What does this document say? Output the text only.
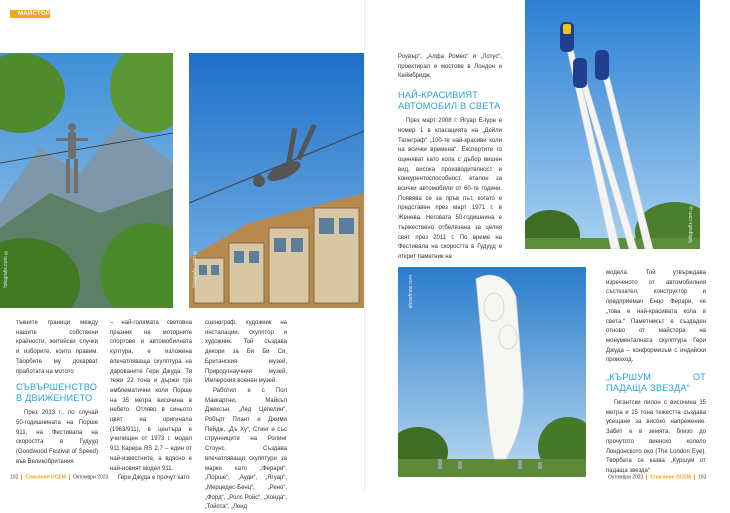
МАЙСТОРИ
fotografix.com ©	fotografix.com ©
fotografix.com ©
alexefinns.com

тъкните граници между нашите собствени крайности, житейски случки и изборите, които правим. Творбите му докарват прaботата на мотото

СЪВЪРШЕНСТВО В ДВИЖЕНИЕТО

През 2013 г., по случай 50-годишнината на Порше 911, на Фестивала на скоростта в Гудууд (Goodwood Festival of Speed) във Великобритания

– най-голямата световна празник на моторните спортове и автомобилната култура, е изложена впечатляваща скулптура на дарованите Гери Джуда. Тя тежи 22 тона и държи три емблематични коли Порше на 35 метра височина в небето. Отляво в синьото цвят на оригинала (1963/911), в центъра е училищен от 1973 г. модел 911 Карера RS 2.7 – един от най-известните, а вдясно е най-новият модел 911.

Гери Джуда е прочут като

сценограф, художник на инсталации, скулптор и художник. Той създава декори за Би Би Си, Британския музей, Природонаучния музей, Имперския военен музей.

Работил е с Пол Маккартни, Майкъл Джексън, „Лед Цепелин“, Робърт Плант и Джими Пейдж, „Дъ Ху“, Стинг и със струнниците на Ролинг Стоунс. Създава впечатляващи скулптури за марки като „Ферари“, „Порше“, „Ауди“, „Ягуар“, „Мерцедес-Бенц“, „Рено“, „Форд“, „Ролс Ройс“, „Хонда“, „Тойота“, „Ленд

Роувър“, „Алфа Ромео“ и „Лотус“, проектирал е мостове в Лондон и Кеймбридж.

НАЙ-КРАСИВИЯТ АВТОМОБИЛ В СВЕТА

През март 2008 г. Ягуар Е-type е номер 1 в класацията на „Дейли Телеграф“ „100-те най-красиви коли на всички времена“. Експертите го оценяват като кола с дъбор вишен вид, висока производителност и конкурентоспособност, еталон за всички автомобили от 60-те години. Появява се за пръв път, когато е представен през март 1971 г. в Женева. Неговата 50-годишнина е тържествено отбелязана за целия свят през 2011 г. По време на Фестивала на скоростта в Гудууд е открит паметник на

модела. Той утвърждава изреченото от автомобилния състезател, конструктор и предприемач Енцо Ферари, че „това е най-красивата кола в света.“ Паметникът е създаден отново от майстора на монументалната скулптура Гери Джуда – конформизъм с индийски произход.

„КЪРШУМ ОТ ПАДАЩА ЗВЕЗДА“

Гигантски пилон с височина 35 метра и 15 тона тежестта създава усещане за високо напрежение. Забит е в земята, близо до прочутото виенско колело Лондонското око (The London Eye). Творбата се казва „Куршум от падаща звезда“

102 Списание ОСЕМ Октомври 2023	Октомври 2023 Списание ОСЕМ 103
